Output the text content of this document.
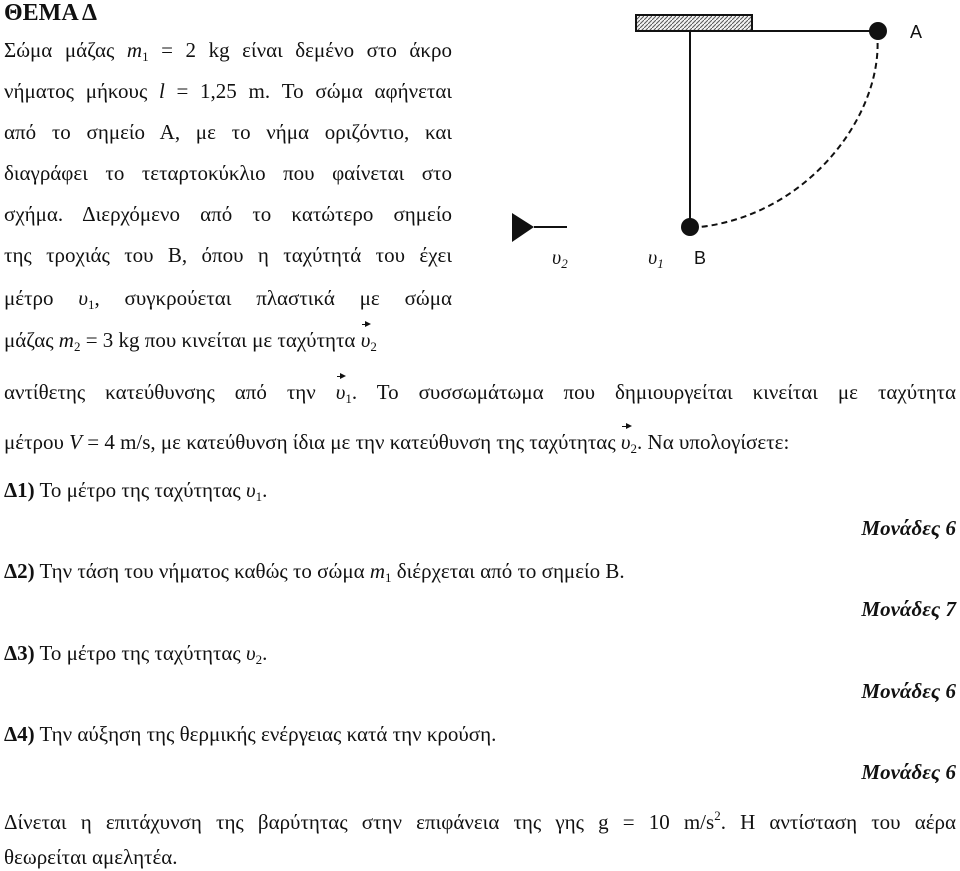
ΘΕΜΑ Δ
Σώμα μάζας $m_1 = 2$ kg είναι δεμένο στο άκρο
νήματος μήκους l = 1,25 m. Το σώμα αφήνεται
από το σημείο Α, με το νήμα οριζόντιο, και
διαγράφει το τεταρτοκύκλιο που φαίνεται στο
σχήμα. Διερχόμενο από το κατώτερο σημείο
της τροχιάς του Β, όπου η ταχύτητά του έχει
μέτρο $\upsilon_1$, συγκρούεται πλαστικά με σώμα
μάζας $m_2 = 3$ kg που κινείται με ταχύτητα $\upsilon_2$
αντίθετης κατεύθυνσης από την $\upsilon_1$. Το συσσωμάτωμα που δημιουργείται κινείται με ταχύτητα
μέτρου V = 4 m/s, με κατεύθυνση ίδια με την κατεύθυνση της ταχύτητας $\upsilon_2$. Να υπολογίσετε:
Δ1) Το μέτρο της ταχύτητας $\upsilon_1$.
Μονάδες 6
Δ2) Την τάση του νήματος καθώς το σώμα $m_1$ διέρχεται από το σημείο Β.
Μονάδες 7
Δ3) Το μέτρο της ταχύτητας $\upsilon_2$.
Μονάδες 6
Δ4) Την αύξηση της θερμικής ενέργειας κατά την κρούση.
Μονάδες 6
Δίνεται η επιτάχυνση της βαρύτητας στην επιφάνεια της γης g = 10 $m/s^2$. Η αντίσταση του αέρα
θεωρείται αμελητέα.
Α
Β
$\upsilon_2$	$\upsilon_1$
